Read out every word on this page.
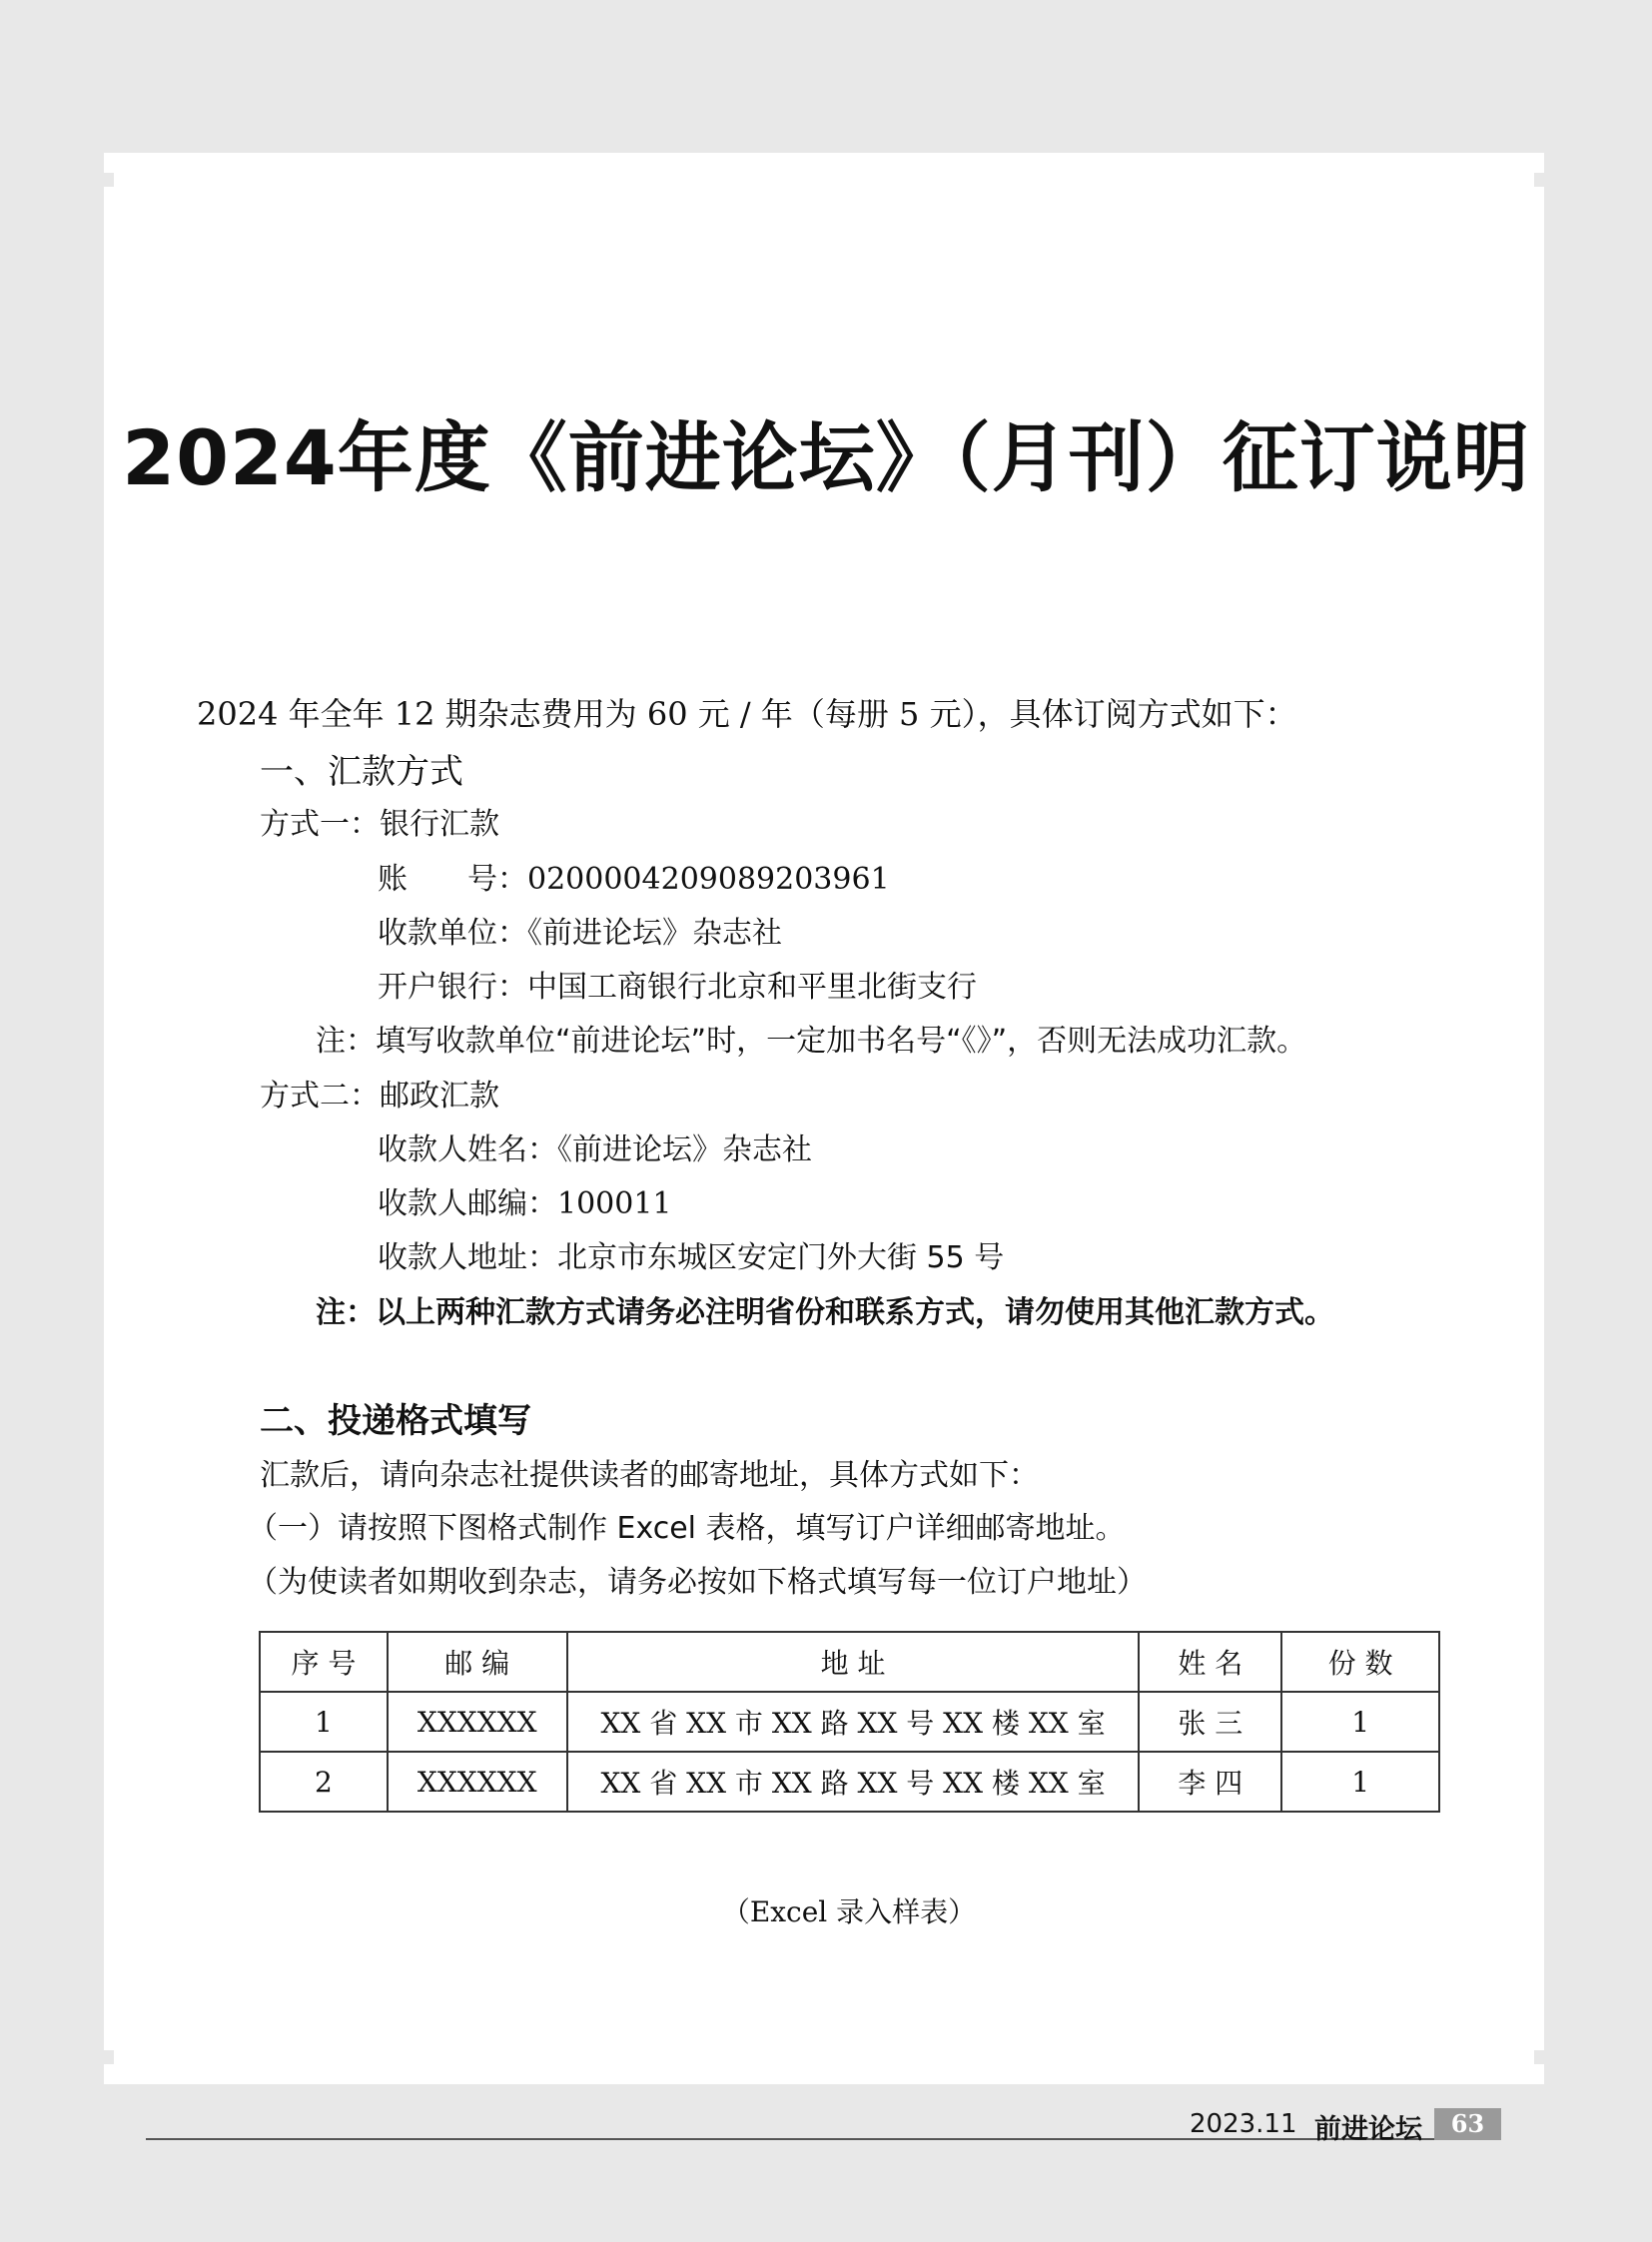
2024年度《前进论坛》（月刊）征订说明
2024 年全年 12 期杂志费用为 60 元 / 年（每册 5 元），具体订阅方式如下：
一、汇款方式
方式一：银行汇款
账　　号：0200004209089203961
收款单位：《前进论坛》杂志社
开户银行：中国工商银行北京和平里北街支行
注：填写收款单位“前进论坛”时，一定加书名号“《》”，否则无法成功汇款。
方式二：邮政汇款
收款人姓名：《前进论坛》杂志社
收款人邮编：100011
收款人地址：北京市东城区安定门外大街 55 号
注：以上两种汇款方式请务必注明省份和联系方式，请勿使用其他汇款方式。
二、投递格式填写
汇款后，请向杂志社提供读者的邮寄地址，具体方式如下：
（一）请按照下图格式制作 Excel 表格，填写订户详细邮寄地址。
（为使读者如期收到杂志，请务必按如下格式填写每一位订户地址）
序 号	邮 编	地 址	姓 名	份 数
1	XXXXXX	XX 省 XX 市 XX 路 XX 号 XX 楼 XX 室	张 三	1
2	XXXXXX	XX 省 XX 市 XX 路 XX 号 XX 楼 XX 室	李 四	1
（Excel 录入样表）
2023.11 前进论坛	63
